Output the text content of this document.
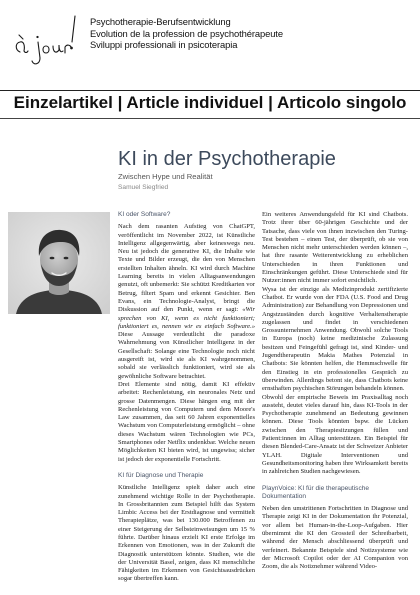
Psychotherapie-Berufsentwicklung
Evolution de la profession de psychothérapeute
Sviluppi professionali in psicoterapia
Einzelartikel | Article individuel | Articolo singolo
KI in der Psychotherapie
Zwischen Hype und Realität
Samuel Siegfried

KI oder Software?

Nach dem rasanten Aufstieg von ChatGPT, veröffentlicht im November 2022, ist Künstliche Intelligenz allgegenwärtig, aber keineswegs neu. Neu ist jedoch die generative KI, die Inhalte wie Texte und Bilder erzeugt, die den von Menschen erstellten Inhalten ähneln. KI wird durch Machine Learning bereits in vielen Alltagsanwendungen genutzt, oft unbemerkt: Sie schützt Kreditkarten vor Betrug, filtert Spam und erkennt Gesichter. Ben Evans, ein Technologie-Analyst, bringt die Diskussion auf den Punkt, wenn er sagt: «Wir sprechen von KI, wenn es nicht funktioniert; funktioniert es, nennen wir es einfach Software.» Diese Aussage verdeutlicht die paradoxe Wahrnehmung von Künstlicher Intelligenz in der Gesellschaft: Solange eine Technologie noch nicht ausgereift ist, wird sie als KI wahrgenommen, sobald sie verlässlich funktioniert, wird sie als gewöhnliche Software betrachtet.

Drei Elemente sind nötig, damit KI effektiv arbeitet: Rechenleistung, ein neuronales Netz und grosse Datenmengen. Diese hängen eng mit der Rechenleistung von Computern und dem Moore's Law zusammen, das seit 60 Jahren exponentielles Wachstum von Computerleistung ermöglicht – ohne dieses Wachstum wären Technologien wie PCs, Smartphones oder Netflix undenkbar. Welche neuen Möglichkeiten KI bieten wird, ist ungewiss; sicher ist jedoch der exponentielle Fortschritt.

KI für Diagnose und Therapie

Künstliche Intelligenz spielt daher auch eine zunehmend wichtige Rolle in der Psychotherapie. In Grossbritannien zum Beispiel hilft das System Limbic Access bei der Erstdiagnose und vermittelt Therapieplätze, was bei 130.000 Betroffenen zu einer Steigerung der Selbsteinweisungen um 15 % führte. Darüber hinaus erzielt KI erste Erfolge im Erkennen von Emotionen, was in der Zukunft die Diagnostik unterstützen könnte. Studien, wie die der Universität Basel, zeigen, dass KI menschliche Fähigkeiten im Erkennen von Gesichtsausdrücken sogar übertreffen kann.

Ein weiteres Anwendungsfeld für KI sind Chatbots. Trotz ihrer über 60-jährigen Geschichte und der Tatsache, dass viele von ihnen inzwischen den Turing-Test bestehen – einen Test, der überprüft, ob sie von Menschen nicht mehr unterschieden werden können –, hat ihre rasante Weiterentwicklung zu erheblichen Unterschieden in ihren Funktionen und Einschränkungen geführt. Diese Unterschiede sind für Nutzer:innen nicht immer sofort ersichtlich.

Wysa ist der einzige als Medizinprodukt zertifizierte Chatbot. Er wurde von der FDA (U.S. Food and Drug Administration) zur Behandlung von Depressionen und Angstzuständen durch kognitive Verhaltenstherapie zugelassen und findet in verschiedenen Grossunternehmen Anwendung. Obwohl solche Tools in Europa (noch) keine medizinische Zulassung besitzen und Feingefühl gefragt ist, sind Kinder- und Jugendtherapeutin Makia Mathes Potenzial in Chatbots: Sie könnten helfen, die Hemmschwelle für den Einstieg in ein professionelles Gespräch zu überwinden. Allerdings betont sie, dass Chatbots keine ernsthaften psychischen Störungen behandeln können.

Obwohl der empirische Beweis im Praxisalltag noch aussteht, deutet vieles darauf hin, dass KI-Tools in der Psychotherapie zunehmend an Bedeutung gewinnen können. Diese Tools könnten bspw. die Lücken zwischen den Therapiesitzungen füllen und Patient:innen im Alltag unterstützen. Ein Beispiel für diesen Blended-Care-Ansatz ist der Schweizer Anbieter YLAH. Digitale Interventionen und Gesundheitsmonitoring haben ihre Wirksamkeit bereits in zahlreichen Studien nachgewiesen.

PlaynVoice: KI für die therapeutische Dokumentation

Neben den umstrittenen Fortschritten in Diagnose und Therapie zeigt KI in der Dokumentation ihr Potenzial, vor allem bei Human-in-the-Loop-Aufgaben. Hier übernimmt die KI den Grossteil der Schreibarbeit, während der Mensch abschliessend überprüft und verfeinert. Bekannte Beispiele sind Notizsysteme wie der Microsoft Copilot oder der AI Companion von Zoom, die als Notiznehmer während Video-
